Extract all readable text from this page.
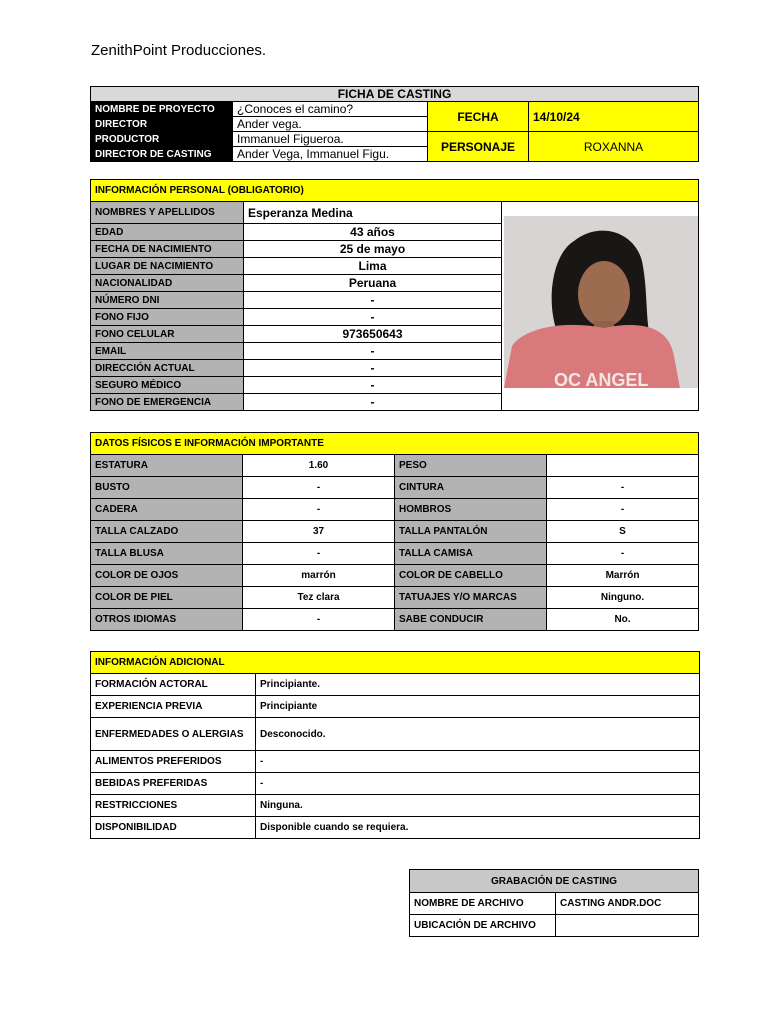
ZenithPoint Producciones.
FICHA DE CASTING			
NOMBRE DE PROYECTO	¿Conoces el camino?	FECHA	14/10/24
DIRECTOR	Ander vega.		
PRODUCTOR	Immanuel Figueroa.	PERSONAJE	ROXANNA
DIRECTOR DE CASTING	Ander Vega, Immanuel Figu.		
INFORMACIÓN PERSONAL (OBLIGATORIO)		
NOMBRES Y APELLIDOS	Esperanza Medina	OC ANGEL

EDAD	43 años	
FECHA DE NACIMIENTO	25 de mayo	
LUGAR DE NACIMIENTO	Lima	
NACIONALIDAD	Peruana	
NÚMERO DNI	-	
FONO FIJO	-	
FONO CELULAR	973650643	
EMAIL	-	
DIRECCIÓN ACTUAL	-	
SEGURO MÉDICO	-	
FONO DE EMERGENCIA	-	
DATOS FÍSICOS E INFORMACIÓN IMPORTANTE			
ESTATURA	1.60	PESO	
BUSTO	-	CINTURA	-
CADERA	-	HOMBROS	-
TALLA CALZADO	37	TALLA PANTALÓN	S
TALLA BLUSA	-	TALLA CAMISA	-
COLOR DE OJOS	marrón	COLOR DE CABELLO	Marrón
COLOR DE PIEL	Tez clara	TATUAJES Y/O MARCAS	Ninguno.
OTROS IDIOMAS	-	SABE CONDUCIR	No.
INFORMACIÓN ADICIONAL	
FORMACIÓN ACTORAL	Principiante.
EXPERIENCIA PREVIA	Principiante
ENFERMEDADES O ALERGIAS	Desconocido.
ALIMENTOS PREFERIDOS	-
BEBIDAS PREFERIDAS	-
RESTRICCIONES	Ninguna.
DISPONIBILIDAD	Disponible cuando se requiera.
GRABACIÓN DE CASTING	
NOMBRE DE ARCHIVO	CASTING ANDR.DOC
UBICACIÓN DE ARCHIVO	
